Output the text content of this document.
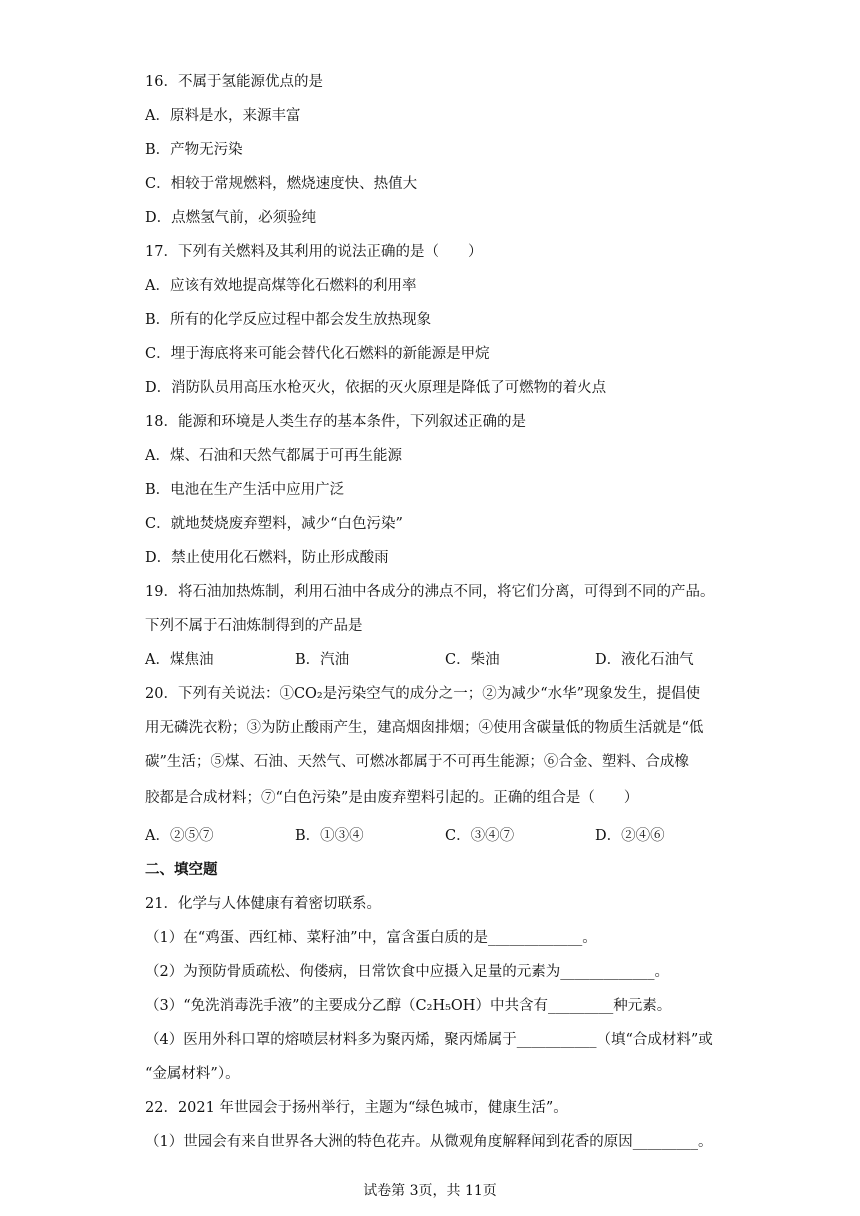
16．不属于氢能源优点的是
A．原料是水，来源丰富
B．产物无污染
C．相较于常规燃料，燃烧速度快、热值大
D．点燃氢气前，必须验纯
17．下列有关燃料及其利用的说法正确的是（　　）
A．应该有效地提高煤等化石燃料的利用率
B．所有的化学反应过程中都会发生放热现象
C．埋于海底将来可能会替代化石燃料的新能源是甲烷
D．消防队员用高压水枪灭火，依据的灭火原理是降低了可燃物的着火点
18．能源和环境是人类生存的基本条件，下列叙述正确的是
A．煤、石油和天然气都属于可再生能源
B．电池在生产生活中应用广泛
C．就地焚烧废弃塑料，减少“白色污染”
D．禁止使用化石燃料，防止形成酸雨
19．将石油加热炼制，利用石油中各成分的沸点不同，将它们分离，可得到不同的产品。
下列不属于石油炼制得到的产品是
A．煤焦油	B．汽油	C．柴油	D．液化石油气
20．下列有关说法：①CO₂是污染空气的成分之一；②为减少“水华”现象发生，提倡使
用无磷洗衣粉；③为防止酸雨产生，建高烟囱排烟；④使用含碳量低的物质生活就是“低
碳”生活；⑤煤、石油、天然气、可燃冰都属于不可再生能源；⑥合金、塑料、合成橡
胶都是合成材料；⑦“白色污染”是由废弃塑料引起的。正确的组合是（　　）
A．②⑤⑦	B．①③④	C．③④⑦	D．②④⑥
二、填空题
21．化学与人体健康有着密切联系。
（1）在“鸡蛋、西红柿、菜籽油”中，富含蛋白质的是_____________。
（2）为预防骨质疏松、佝偻病，日常饮食中应摄入足量的元素为_____________。
（3）“免洗消毒洗手液”的主要成分乙醇（C₂H₅OH）中共含有_________种元素。
（4）医用外科口罩的熔喷层材料多为聚丙烯，聚丙烯属于___________（填“合成材料”或
“金属材料”）。
22．2021 年世园会于扬州举行，主题为“绿色城市，健康生活”。
（1）世园会有来自世界各大洲的特色花卉。从微观角度解释闻到花香的原因_________。
试卷第 3页，共 11页
